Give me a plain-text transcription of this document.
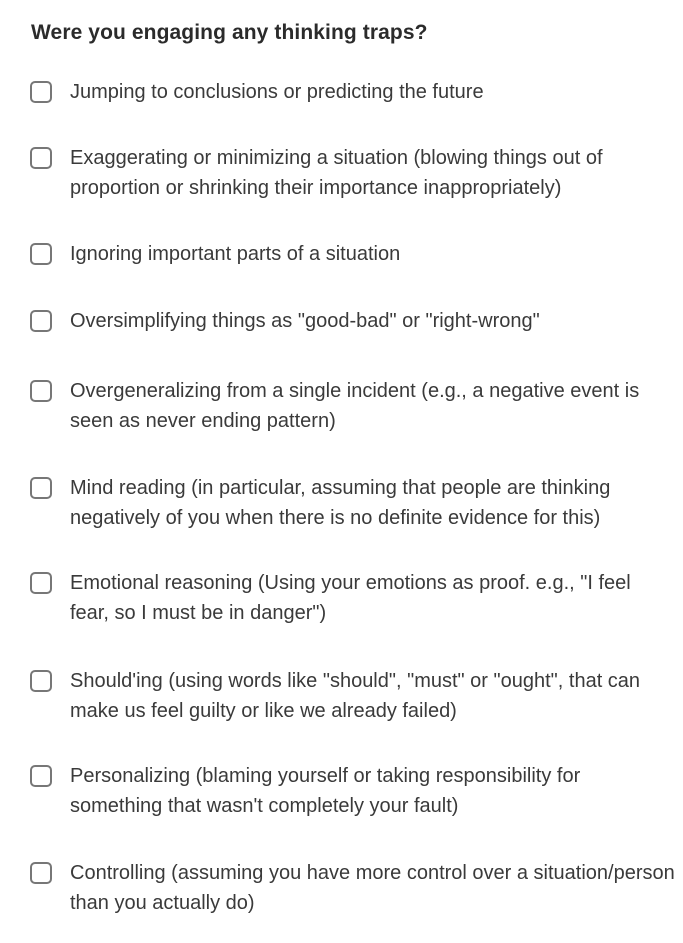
Were you engaging any thinking traps?
Jumping to conclusions or predicting the future
Exaggerating or minimizing a situation (blowing things out of proportion or shrinking their importance inappropriately)
Ignoring important parts of a situation
Oversimplifying things as "good-bad" or "right-wrong"
Overgeneralizing from a single incident (e.g., a negative event is seen as never ending pattern)
Mind reading (in particular, assuming that people are thinking negatively of you when there is no definite evidence for this)
Emotional reasoning (Using your emotions as proof. e.g., "I feel fear, so I must be in danger")
Should'ing (using words like "should", "must" or "ought", that can make us feel guilty or like we already failed)
Personalizing (blaming yourself or taking responsibility for something that wasn't completely your fault)
Controlling (assuming you have more control over a situation/person than you actually do)
